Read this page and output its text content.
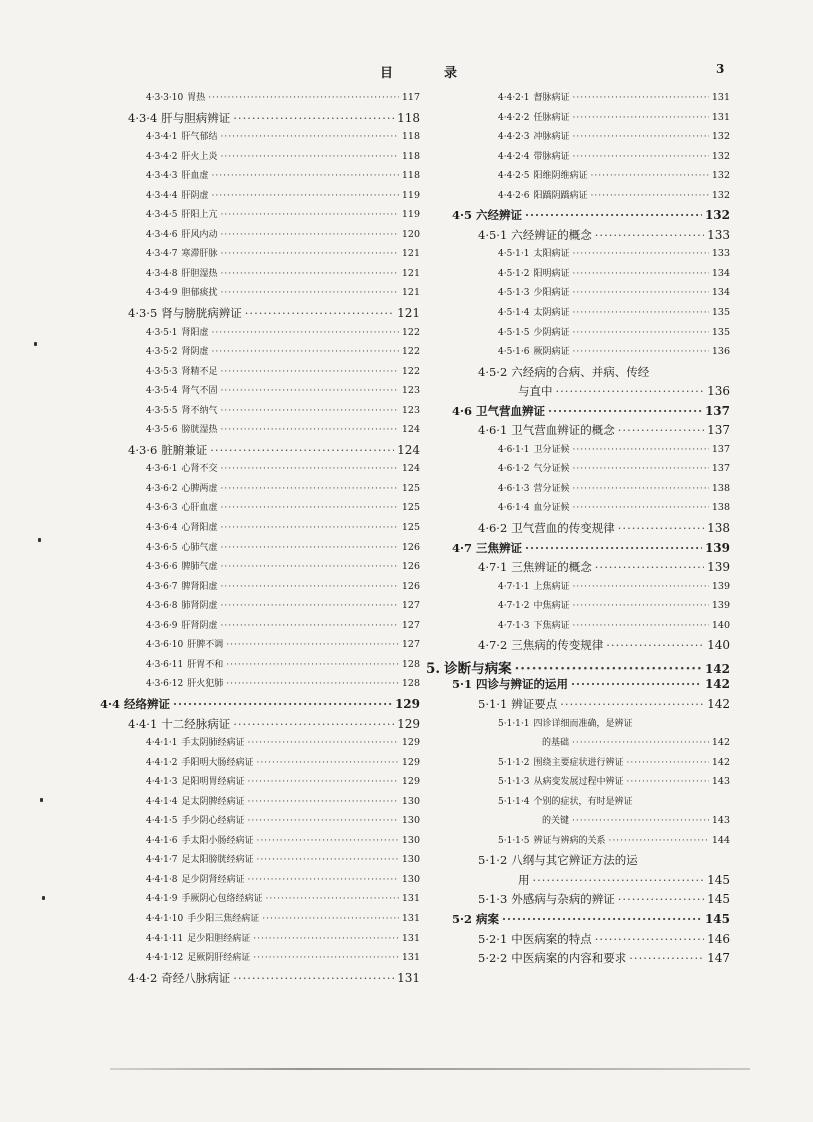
目	录	3
4·3·3·10 胃热 ·····	117
4·3·4 肝与胆病辨证 ·····	118
4·3·4·1 肝气郁结 ·····	118
4·3·4·2 肝火上炎 ·····	118
4·3·4·3 肝血虚 ·····	118
4·3·4·4 肝阴虚 ·····	119
4·3·4·5 肝阳上亢 ·····	119
4·3·4·6 肝风内动 ·····	120
4·3·4·7 寒滞肝脉 ·····	121
4·3·4·8 肝胆湿热 ·····	121
4·3·4·9 胆郁痰扰 ·····	121
4·3·5 肾与膀胱病辨证 ·····	121
4·3·5·1 肾阳虚 ·····	122
4·3·5·2 肾阴虚 ·····	122
4·3·5·3 肾精不足 ·····	122
4·3·5·4 肾气不固 ·····	123
4·3·5·5 肾不纳气 ·····	123
4·3·5·6 膀胱湿热 ·····	124
4·3·6 脏腑兼证 ·····	124
4·3·6·1 心肾不交 ·····	124
4·3·6·2 心脾两虚 ·····	125
4·3·6·3 心肝血虚 ·····	125
4·3·6·4 心肾阳虚 ·····	125
4·3·6·5 心肺气虚 ·····	126
4·3·6·6 脾肺气虚 ·····	126
4·3·6·7 脾肾阳虚 ·····	126
4·3·6·8 肺肾阴虚 ·····	127
4·3·6·9 肝肾阴虚 ·····	127
4·3·6·10 肝脾不调 ·····	127
4·3·6·11 肝胃不和 ·····	128
4·3·6·12 肝火犯肺 ·····	128
4·4 经络辨证 ·····	129
4·4·1 十二经脉病证 ·····	129
4·4·1·1 手太阴肺经病证 ·····	129
4·4·1·2 手阳明大肠经病证 ·····	129
4·4·1·3 足阳明胃经病证 ·····	129
4·4·1·4 足太阴脾经病证 ·····	130
4·4·1·5 手少阴心经病证 ·····	130
4·4·1·6 手太阳小肠经病证 ·····	130
4·4·1·7 足太阳膀胱经病证 ·····	130
4·4·1·8 足少阴肾经病证 ·····	130
4·4·1·9 手厥阴心包络经病证 ·····	131
4·4·1·10 手少阳三焦经病证 ·····	131
4·4·1·11 足少阳胆经病证 ·····	131
4·4·1·12 足厥阴肝经病证 ·····	131
4·4·2 奇经八脉病证 ·····	131
4·4·2·1 督脉病证 ·····	131
4·4·2·2 任脉病证 ·····	131
4·4·2·3 冲脉病证 ·····	132
4·4·2·4 带脉病证 ·····	132
4·4·2·5 阳维阴维病证 ·····	132
4·4·2·6 阳蹻阴蹻病证 ·····	132
4·5 六经辨证 ·····	132
4·5·1 六经辨证的概念 ·····	133
4·5·1·1 太阳病证 ·····	133
4·5·1·2 阳明病证 ·····	134
4·5·1·3 少阳病证 ·····	134
4·5·1·4 太阴病证 ·····	135
4·5·1·5 少阴病证 ·····	135
4·5·1·6 厥阴病证 ·····	136
4·5·2 六经病的合病、并病、传经
与直中 ·····	136
4·6 卫气营血辨证 ·····	137
4·6·1 卫气营血辨证的概念 ·····	137
4·6·1·1 卫分证候 ·····	137
4·6·1·2 气分证候 ·····	137
4·6·1·3 营分证候 ·····	138
4·6·1·4 血分证候 ·····	138
4·6·2 卫气营血的传变规律 ·····	138
4·7 三焦辨证 ·····	139
4·7·1 三焦辨证的概念 ·····	139
4·7·1·1 上焦病证 ·····	139
4·7·1·2 中焦病证 ·····	139
4·7·1·3 下焦病证 ·····	140
4·7·2 三焦病的传变规律 ·····	140
5. 诊断与病案 ·····	142
5·1 四诊与辨证的运用 ·····	142
5·1·1 辨证要点 ·····	142
5·1·1·1 四诊详细而准确，是辨证
的基础 ·····	142
5·1·1·2 围绕主要症状进行辨证 ·····	142
5·1·1·3 从病变发展过程中辨证 ·····	143
5·1·1·4 个别的症状，有时是辨证
的关键 ·····	143
5·1·1·5 辨证与辨病的关系 ·····	144
5·1·2 八纲与其它辨证方法的运
用 ·····	145
5·1·3 外感病与杂病的辨证 ·····	145
5·2 病案 ·····	145
5·2·1 中医病案的特点 ·····	146
5·2·2 中医病案的内容和要求 ·····	147
